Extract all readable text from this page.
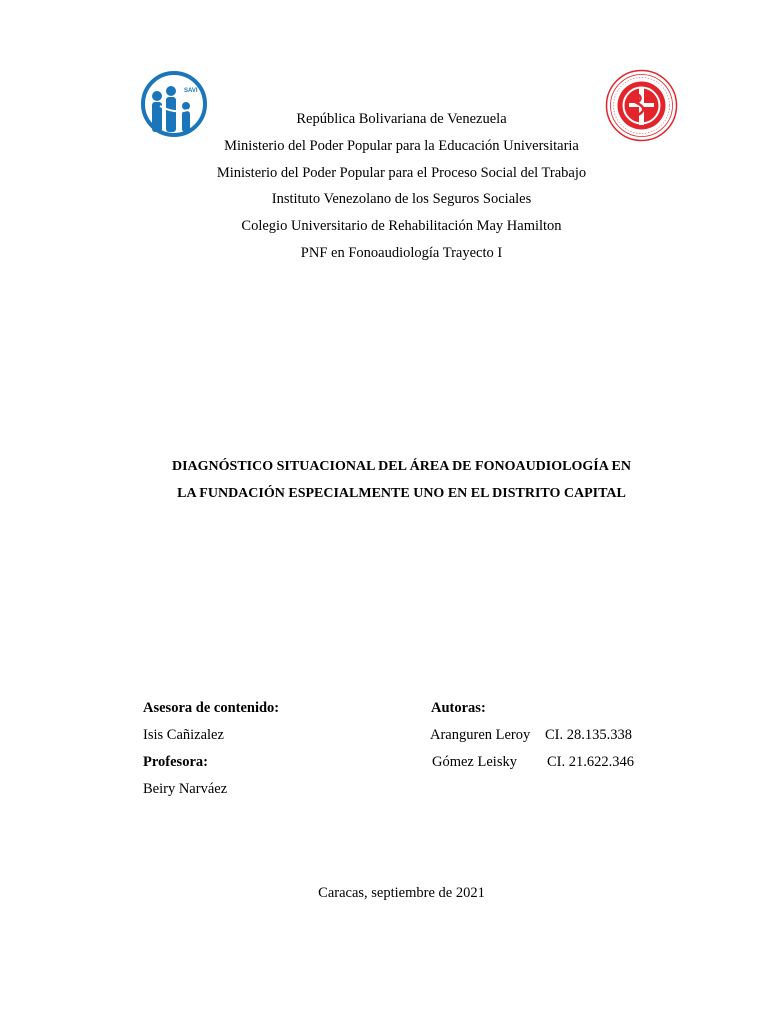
SAVI
República Bolivariana de Venezuela
Ministerio del Poder Popular para la Educación Universitaria
Ministerio del Poder Popular para el Proceso Social del Trabajo
Instituto Venezolano de los Seguros Sociales
Colegio Universitario de Rehabilitación May Hamilton
PNF en Fonoaudiología Trayecto I
DIAGNÓSTICO SITUACIONAL DEL ÁREA DE FONOAUDIOLOGÍA EN
LA FUNDACIÓN ESPECIALMENTE UNO EN EL DISTRITO CAPITAL
Asesora de contenido:
Isis Cañizalez
Profesora:
Beiry Narváez
Autoras:
Aranguren Leroy CI. 28.135.338
Gómez Leisky CI. 21.622.346
Caracas, septiembre de 2021
